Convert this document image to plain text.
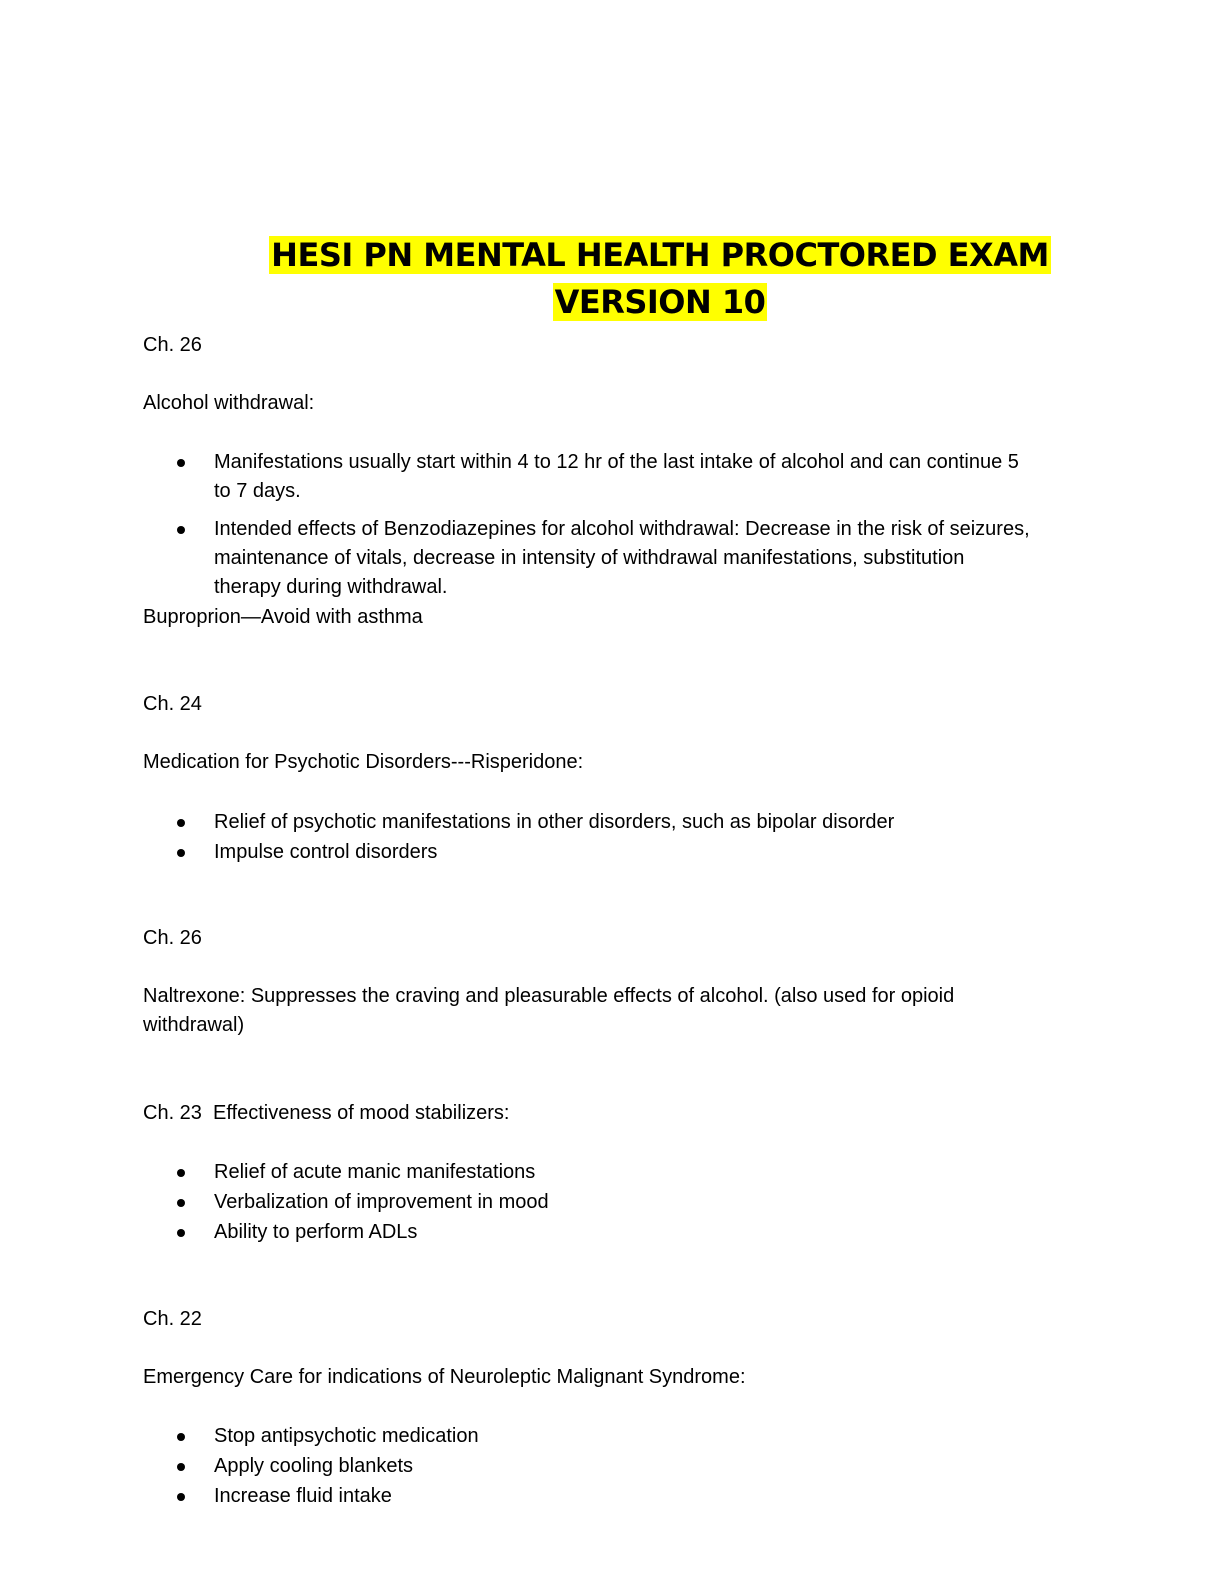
HESI PN MENTAL HEALTH PROCTORED EXAM
VERSION 10
Ch. 26
Alcohol withdrawal:
Manifestations usually start within 4 to 12 hr of the last intake of alcohol and can continue 5 to 7 days.
Intended effects of Benzodiazepines for alcohol withdrawal: Decrease in the risk of seizures, maintenance of vitals, decrease in intensity of withdrawal manifestations, substitution therapy during withdrawal.
Buproprion—Avoid with asthma
Ch. 24
Medication for Psychotic Disorders---Risperidone:
Relief of psychotic manifestations in other disorders, such as bipolar disorder
Impulse control disorders
Ch. 26
Naltrexone: Suppresses the craving and pleasurable effects of alcohol. (also used for opioid withdrawal)
Ch. 23  Effectiveness of mood stabilizers:
Relief of acute manic manifestations
Verbalization of improvement in mood
Ability to perform ADLs
Ch. 22
Emergency Care for indications of Neuroleptic Malignant Syndrome:
Stop antipsychotic medication
Apply cooling blankets
Increase fluid intake
